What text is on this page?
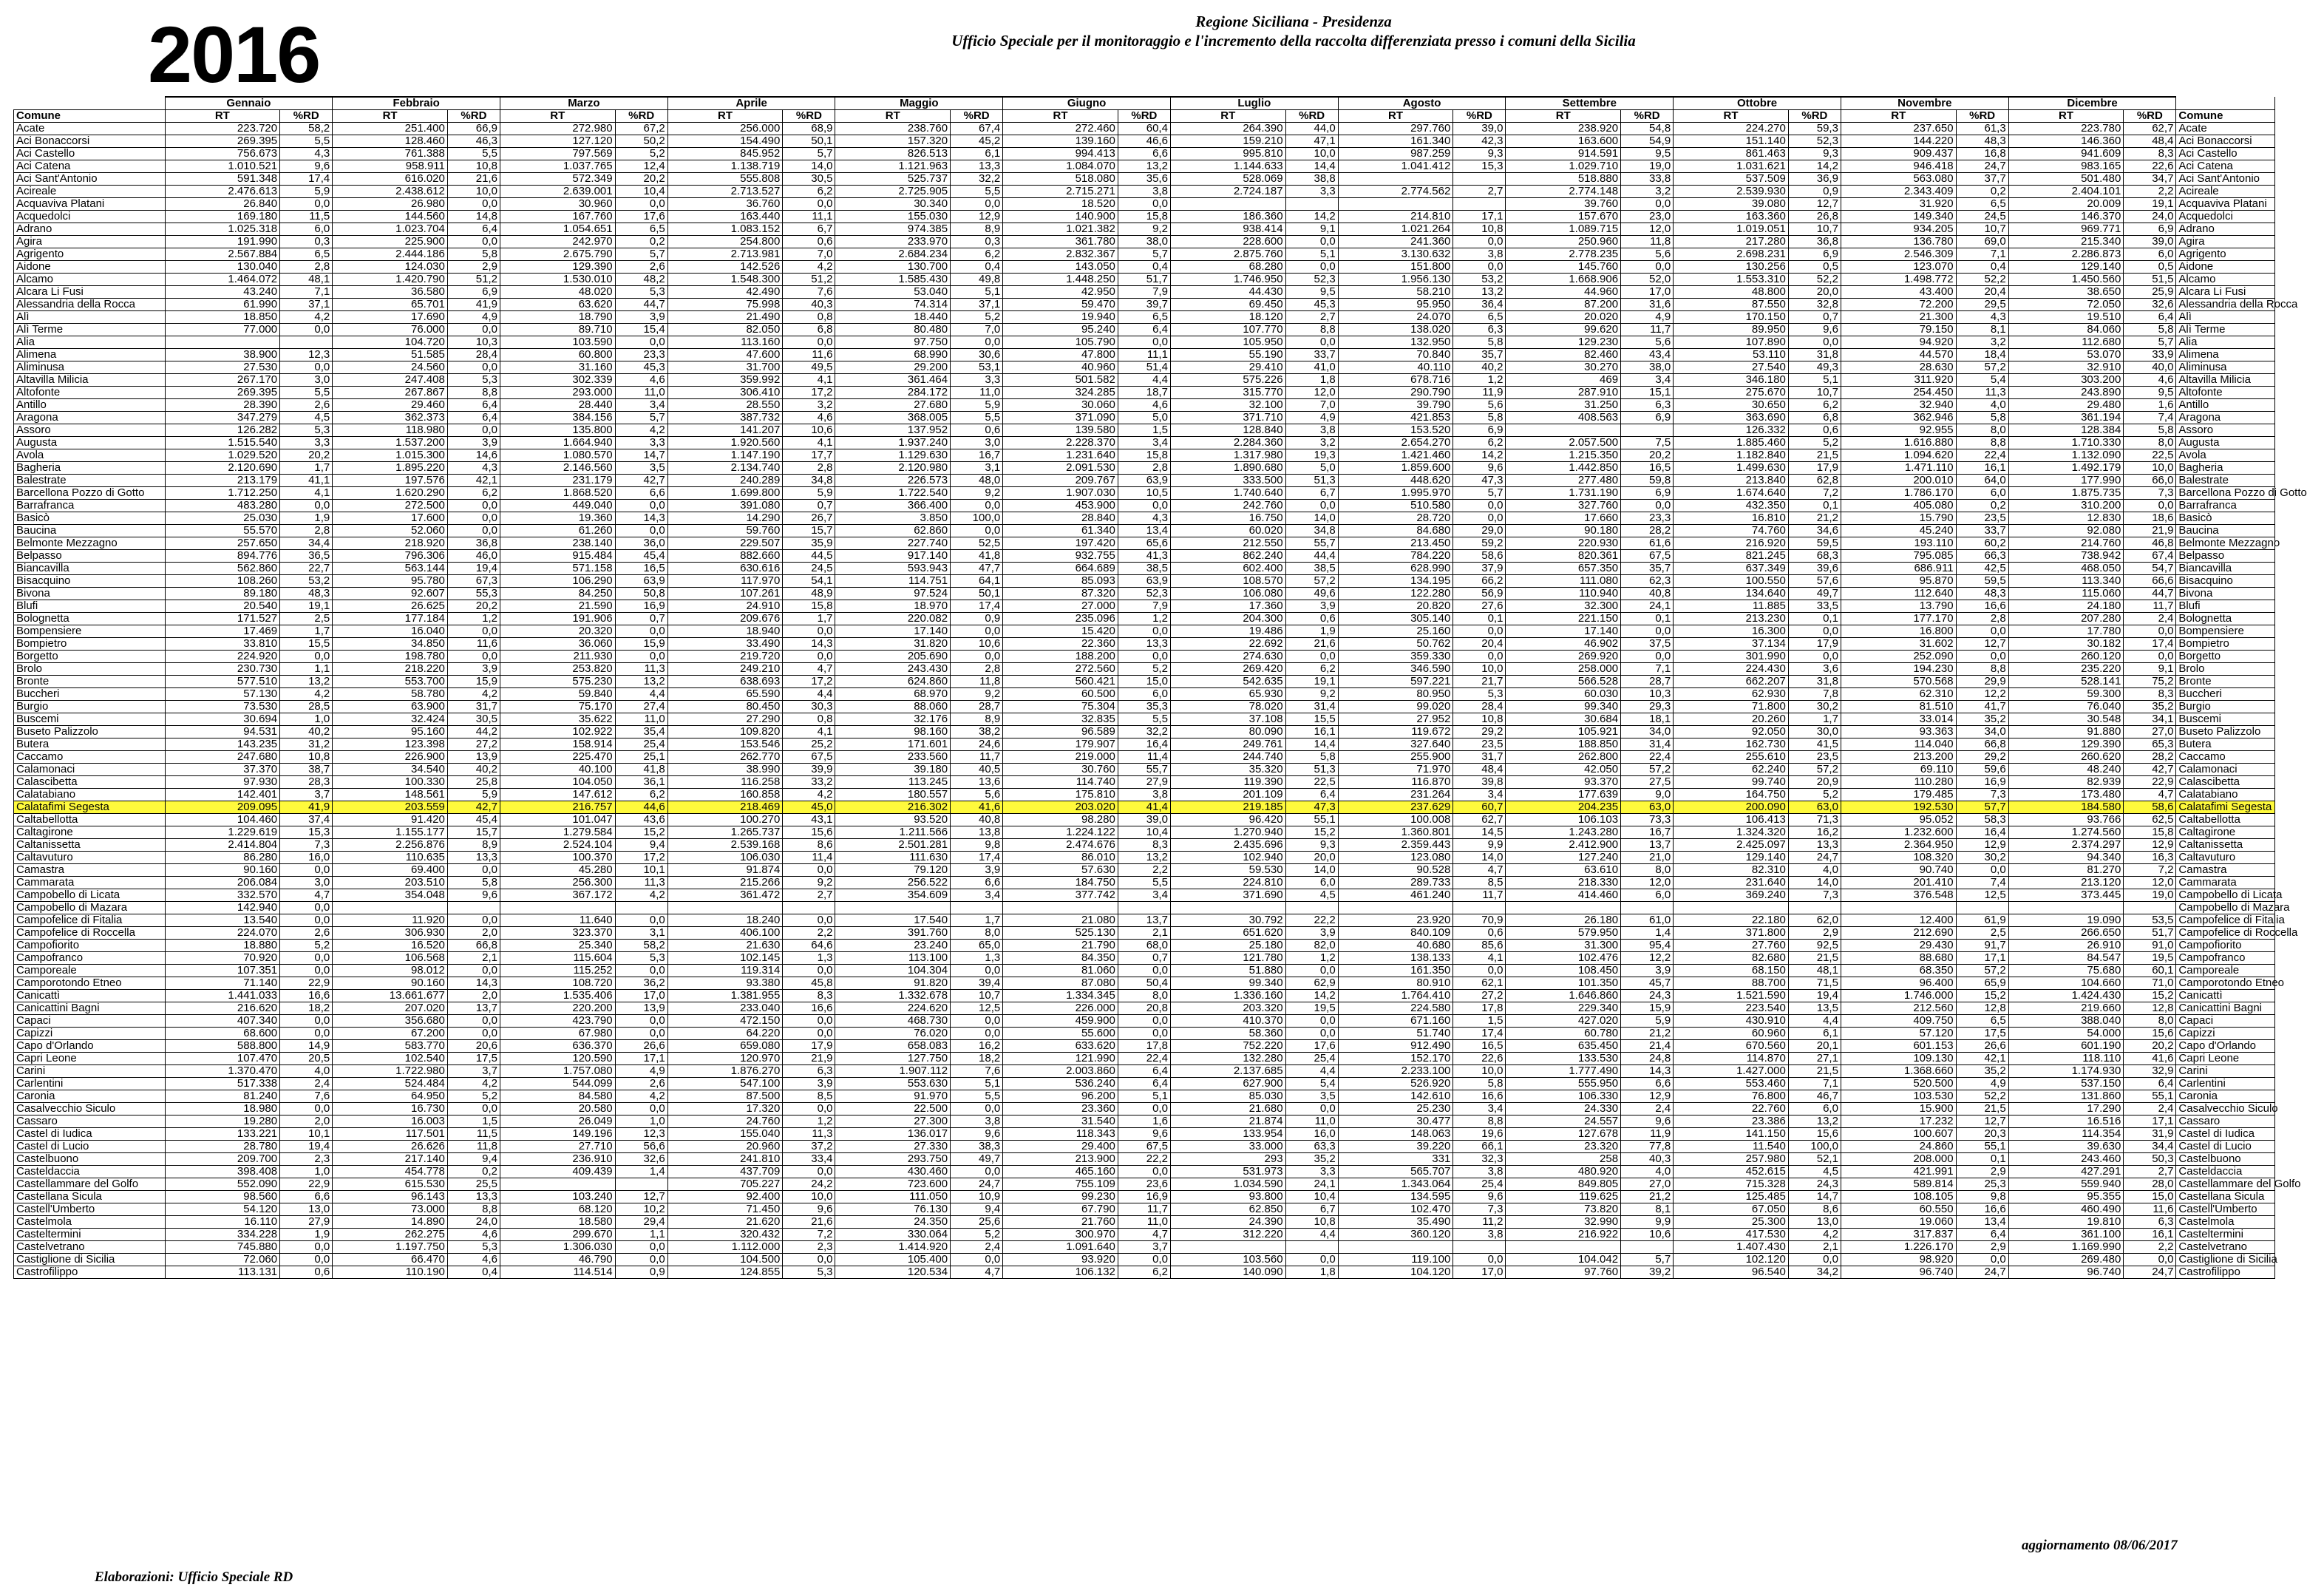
2016	Regione Siciliana - Presidenza
Ufficio Speciale per il monitoraggio e l'incremento della raccolta differenziata presso i comuni della Sicilia
	Gennaio		Febbraio		Marzo		Aprile		Maggio		Giugno		Luglio		Agosto		Settembre		Ottobre		Novembre		Dicembre		
Comune	RT	%RD	RT	%RD	RT	%RD	RT	%RD	RT	%RD	RT	%RD	RT	%RD	RT	%RD	RT	%RD	RT	%RD	RT	%RD	RT	%RD	Comune
Acate	223.720	58,2	251.400	66,9	272.980	67,2	256.000	68,9	238.760	67,4	272.460	60,4	264.390	44,0	297.760	39,0	238.920	54,8	224.270	59,3	237.650	61,3	223.780	62,7	Acate
Aci Bonaccorsi	269.395	5,5	128.460	46,3	127.120	50,2	154.490	50,1	157.320	45,2	139.160	46,6	159.210	47,1	161.340	42,3	163.600	54,9	151.140	52,3	144.220	48,3	146.360	48,4	Aci Bonaccorsi
Aci Castello	756.673	4,3	761.388	5,5	797.569	5,2	845.952	5,7	826.513	6,1	994.413	6,6	995.810	10,0	987.259	9,3	914.591	9,5	861.463	9,3	909.437	16,8	941.609	8,3	Aci Castello
Aci Catena	1.010.521	9,6	958.911	10,8	1.037.765	12,4	1.138.719	14,0	1.121.963	13,3	1.084.070	13,2	1.144.633	14,4	1.041.412	15,3	1.029.710	19,0	1.031.621	14,2	946.418	24,7	983.165	22,6	Aci Catena
Aci Sant'Antonio	591.348	17,4	616.020	21,6	572.349	20,2	555.808	30,5	525.737	32,2	518.080	35,6	528.069	38,8			518.880	33,8	537.509	36,9	563.080	37,7	501.480	34,7	Aci Sant'Antonio
Acireale	2.476.613	5,9	2.438.612	10,0	2.639.001	10,4	2.713.527	6,2	2.725.905	5,5	2.715.271	3,8	2.724.187	3,3	2.774.562	2,7	2.774.148	3,2	2.539.930	0,9	2.343.409	0,2	2.404.101	2,2	Acireale
Acquaviva Platani	26.840	0,0	26.980	0,0	30.960	0,0	36.760	0,0	30.340	0,0	18.520	0,0					39.760	0,0	39.080	12,7	31.920	6,5	20.009	19,1	Acquaviva Platani
Acquedolci	169.180	11,5	144.560	14,8	167.760	17,6	163.440	11,1	155.030	12,9	140.900	15,8	186.360	14,2	214.810	17,1	157.670	23,0	163.360	26,8	149.340	24,5	146.370	24,0	Acquedolci
Adrano	1.025.318	6,0	1.023.704	6,4	1.054.651	6,5	1.083.152	6,7	974.385	8,9	1.021.382	9,2	938.414	9,1	1.021.264	10,8	1.089.715	12,0	1.019.051	10,7	934.205	10,7	969.771	6,9	Adrano
Agira	191.990	0,3	225.900	0,0	242.970	0,2	254.800	0,6	233.970	0,3	361.780	38,0	228.600	0,0	241.360	0,0	250.960	11,8	217.280	36,8	136.780	69,0	215.340	39,0	Agira
Agrigento	2.567.884	6,5	2.444.186	5,8	2.675.790	5,7	2.713.981	7,0	2.684.234	6,2	2.832.367	5,7	2.875.760	5,1	3.130.632	3,8	2.778.235	5,6	2.698.231	6,9	2.546.309	7,1	2.286.873	6,0	Agrigento
Aidone	130.040	2,8	124.030	2,9	129.390	2,6	142.526	4,2	130.700	0,4	143.050	0,4	68.280	0,0	151.800	0,0	145.760	0,0	130.256	0,5	123.070	0,4	129.140	0,5	Aidone
Alcamo	1.464.072	48,1	1.420.790	51,2	1.530.010	48,2	1.548.300	51,2	1.585.430	49,8	1.448.250	51,7	1.746.950	52,3	1.956.130	53,2	1.668.906	52,0	1.553.310	52,2	1.498.772	52,2	1.450.560	51,5	Alcamo
Alcara Li Fusi	43.240	7,1	36.580	6,9	48.020	5,3	42.490	7,6	53.040	5,1	42.950	7,9	44.430	9,5	58.210	13,2	44.960	17,0	48.800	20,0	43.400	20,4	38.650	25,9	Alcara Li Fusi
Alessandria della Rocca	61.990	37,1	65.701	41,9	63.620	44,7	75.998	40,3	74.314	37,1	59.470	39,7	69.450	45,3	95.950	36,4	87.200	31,6	87.550	32,8	72.200	29,5	72.050	32,6	Alessandria della Rocca
Alì	18.850	4,2	17.690	4,9	18.790	3,9	21.490	0,8	18.440	5,2	19.940	6,5	18.120	2,7	24.070	6,5	20.020	4,9	170.150	0,7	21.300	4,3	19.510	6,4	Alì
Alì Terme	77.000	0,0	76.000	0,0	89.710	15,4	82.050	6,8	80.480	7,0	95.240	6,4	107.770	8,8	138.020	6,3	99.620	11,7	89.950	9,6	79.150	8,1	84.060	5,8	Alì Terme
Alia			104.720	10,3	103.590	0,0	113.160	0,0	97.750	0,0	105.790	0,0	105.950	0,0	132.950	5,8	129.230	5,6	107.890	0,0	94.920	3,2	112.680	5,7	Alia
Alimena	38.900	12,3	51.585	28,4	60.800	23,3	47.600	11,6	68.990	30,6	47.800	11,1	55.190	33,7	70.840	35,7	82.460	43,4	53.110	31,8	44.570	18,4	53.070	33,9	Alimena
Aliminusa	27.530	0,0	24.560	0,0	31.160	45,3	31.700	49,5	29.200	53,1	40.960	51,4	29.410	41,0	40.110	40,2	30.270	38,0	27.540	49,3	28.630	57,2	32.910	40,0	Aliminusa
Altavilla Milicia	267.170	3,0	247.408	5,3	302.339	4,6	359.992	4,1	361.464	3,3	501.582	4,4	575.226	1,8	678.716	1,2	469	3,4	346.180	5,1	311.920	5,4	303.200	4,6	Altavilla Milicia
Altofonte	269.395	5,5	267.867	8,8	293.000	11,0	306.410	17,2	284.172	11,0	324.285	18,7	315.770	12,0	290.790	11,9	287.910	15,1	275.670	10,7	254.450	11,3	243.890	9,5	Altofonte
Antillo	28.390	2,6	29.460	6,4	28.440	3,4	28.550	3,2	27.680	5,9	30.060	4,6	32.100	7,0	39.790	5,6	31.250	6,3	30.650	6,2	32.940	4,0	29.480	1,6	Antillo
Aragona	347.279	4,5	362.373	6,4	384.156	5,7	387.732	4,6	368.005	5,5	371.090	5,0	371.710	4,9	421.853	5,8	408.563	6,9	363.690	6,8	362.946	5,8	361.194	7,4	Aragona
Assoro	126.282	5,3	118.980	0,0	135.800	4,2	141.207	10,6	137.952	0,6	139.580	1,5	128.840	3,8	153.520	6,9			126.332	0,6	92.955	8,0	128.384	5,8	Assoro
Augusta	1.515.540	3,3	1.537.200	3,9	1.664.940	3,3	1.920.560	4,1	1.937.240	3,0	2.228.370	3,4	2.284.360	3,2	2.654.270	6,2	2.057.500	7,5	1.885.460	5,2	1.616.880	8,8	1.710.330	8,0	Augusta
Avola	1.029.520	20,2	1.015.300	14,6	1.080.570	14,7	1.147.190	17,7	1.129.630	16,7	1.231.640	15,8	1.317.980	19,3	1.421.460	14,2	1.215.350	20,2	1.182.840	21,5	1.094.620	22,4	1.132.090	22,5	Avola
Bagheria	2.120.690	1,7	1.895.220	4,3	2.146.560	3,5	2.134.740	2,8	2.120.980	3,1	2.091.530	2,8	1.890.680	5,0	1.859.600	9,6	1.442.850	16,5	1.499.630	17,9	1.471.110	16,1	1.492.179	10,0	Bagheria
Balestrate	213.179	41,1	197.576	42,1	231.179	42,7	240.289	34,8	226.573	48,0	209.767	63,9	333.500	51,3	448.620	47,3	277.480	59,8	213.840	62,8	200.010	64,0	177.990	66,0	Balestrate
Barcellona Pozzo di Gotto	1.712.250	4,1	1.620.290	6,2	1.868.520	6,6	1.699.800	5,9	1.722.540	9,2	1.907.030	10,5	1.740.640	6,7	1.995.970	5,7	1.731.190	6,9	1.674.640	7,2	1.786.170	6,0	1.875.735	7,3	Barcellona Pozzo di Gotto
Barrafranca	483.280	0,0	272.500	0,0	449.040	0,0	391.080	0,7	366.400	0,0	453.900	0,0	242.760	0,0	510.580	0,0	327.760	0,0	432.350	0,1	405.080	0,2	310.200	0,0	Barrafranca
Basicò	25.030	1,9	17.600	0,0	19.360	14,3	14.290	26,7	3.850	100,0	28.840	4,3	16.750	14,0	28.720	0,0	17.660	23,3	16.810	21,2	15.790	23,5	12.830	18,6	Basicò
Baucina	55.570	2,8	52.060	0,0	61.260	0,0	59.760	15,7	62.860	0,0	61.340	13,4	60.020	34,8	84.680	29,0	90.180	28,2	74.760	34,6	45.240	33,7	92.080	21,9	Baucina
Belmonte Mezzagno	257.650	34,4	218.920	36,8	238.140	36,0	229.507	35,9	227.740	52,5	197.420	65,6	212.550	55,7	213.450	59,2	220.930	61,6	216.920	59,5	193.110	60,2	214.760	46,8	Belmonte Mezzagno
Belpasso	894.776	36,5	796.306	46,0	915.484	45,4	882.660	44,5	917.140	41,8	932.755	41,3	862.240	44,4	784.220	58,6	820.361	67,5	821.245	68,3	795.085	66,3	738.942	67,4	Belpasso
Biancavilla	562.860	22,7	563.144	19,4	571.158	16,5	630.616	24,5	593.943	47,7	664.689	38,5	602.400	38,5	628.990	37,9	657.350	35,7	637.349	39,6	686.911	42,5	468.050	54,7	Biancavilla
Bisacquino	108.260	53,2	95.780	67,3	106.290	63,9	117.970	54,1	114.751	64,1	85.093	63,9	108.570	57,2	134.195	66,2	111.080	62,3	100.550	57,6	95.870	59,5	113.340	66,6	Bisacquino
Bivona	89.180	48,3	92.607	55,3	84.250	50,8	107.261	48,9	97.524	50,1	87.320	52,3	106.080	49,6	122.280	56,9	110.940	40,8	134.640	49,7	112.640	48,3	115.060	44,7	Bivona
Blufi	20.540	19,1	26.625	20,2	21.590	16,9	24.910	15,8	18.970	17,4	27.000	7,9	17.360	3,9	20.820	27,6	32.300	24,1	11.885	33,5	13.790	16,6	24.180	11,7	Blufi
Bolognetta	171.527	2,5	177.184	1,2	191.906	0,7	209.676	1,7	220.082	0,9	235.096	1,2	204.300	0,6	305.140	0,1	221.150	0,1	213.230	0,1	177.170	2,8	207.280	2,4	Bolognetta
Bompensiere	17.469	1,7	16.040	0,0	20.320	0,0	18.940	0,0	17.140	0,0	15.420	0,0	19.486	1,9	25.160	0,0	17.140	0,0	16.300	0,0	16.800	0,0	17.780	0,0	Bompensiere
Bompietro	33.810	15,5	34.850	11,6	36.060	15,9	33.490	14,3	31.820	10,6	22.360	13,3	22.692	21,6	50.762	20,4	46.902	37,5	37.134	17,9	31.602	12,7	30.182	17,4	Bompietro
Borgetto	224.920	0,0	198.780	0,0	211.930	0,0	219.720	0,0	205.690	0,0	188.200	0,0	274.630	0,0	359.330	0,0	269.920	0,0	301.990	0,0	252.090	0,0	260.120	0,0	Borgetto
Brolo	230.730	1,1	218.220	3,9	253.820	11,3	249.210	4,7	243.430	2,8	272.560	5,2	269.420	6,2	346.590	10,0	258.000	7,1	224.430	3,6	194.230	8,8	235.220	9,1	Brolo
Bronte	577.510	13,2	553.700	15,9	575.230	13,2	638.693	17,2	624.860	11,8	560.421	15,0	542.635	19,1	597.221	21,7	566.528	28,7	662.207	31,8	570.568	29,9	528.141	75,2	Bronte
Buccheri	57.130	4,2	58.780	4,2	59.840	4,4	65.590	4,4	68.970	9,2	60.500	6,0	65.930	9,2	80.950	5,3	60.030	10,3	62.930	7,8	62.310	12,2	59.300	8,3	Buccheri
Burgio	73.530	28,5	63.900	31,7	75.170	27,4	80.450	30,3	88.060	28,7	75.304	35,3	78.020	31,4	99.020	28,4	99.340	29,3	71.800	30,2	81.510	41,7	76.040	35,2	Burgio
Buscemi	30.694	1,0	32.424	30,5	35.622	11,0	27.290	0,8	32.176	8,9	32.835	5,5	37.108	15,5	27.952	10,8	30.684	18,1	20.260	1,7	33.014	35,2	30.548	34,1	Buscemi
Buseto Palizzolo	94.531	40,2	95.160	44,2	102.922	35,4	109.820	4,1	98.160	38,2	96.589	32,2	80.090	16,1	119.672	29,2	105.921	34,0	92.050	30,0	93.363	34,0	91.880	27,0	Buseto Palizzolo
Butera	143.235	31,2	123.398	27,2	158.914	25,4	153.546	25,2	171.601	24,6	179.907	16,4	249.761	14,4	327.640	23,5	188.850	31,4	162.730	41,5	114.040	66,8	129.390	65,3	Butera
Caccamo	247.680	10,8	226.900	13,9	225.470	25,1	262.770	67,5	233.560	11,7	219.000	11,4	244.740	5,8	255.900	31,7	262.800	22,4	255.610	23,5	213.200	29,2	260.620	28,2	Caccamo
Calamonaci	37.370	38,7	34.540	40,2	40.100	41,8	38.990	39,9	39.180	40,5	30.760	55,7	35.320	51,3	71.970	48,4	42.050	57,2	62.240	57,2	69.110	59,6	48.240	42,7	Calamonaci
Calascibetta	97.930	28,3	100.330	25,8	104.050	36,1	116.258	33,2	113.245	13,6	114.740	27,9	119.390	22,5	116.870	39,8	93.370	27,5	99.740	20,9	110.280	16,9	82.939	22,9	Calascibetta
Calatabiano	142.401	3,7	148.561	5,9	147.612	6,2	160.858	4,2	180.557	5,6	175.810	3,8	201.109	6,4	231.264	3,4	177.639	9,0	164.750	5,2	179.485	7,3	173.480	4,7	Calatabiano
Calatafimi Segesta	209.095	41,9	203.559	42,7	216.757	44,6	218.469	45,0	216.302	41,6	203.020	41,4	219.185	47,3	237.629	60,7	204.235	63,0	200.090	63,0	192.530	57,7	184.580	58,6	Calatafimi Segesta
Caltabellotta	104.460	37,4	91.420	45,4	101.047	43,6	100.270	43,1	93.520	40,8	98.280	39,0	96.420	55,1	100.008	62,7	106.103	73,3	106.413	71,3	95.052	58,3	93.766	62,5	Caltabellotta
Caltagirone	1.229.619	15,3	1.155.177	15,7	1.279.584	15,2	1.265.737	15,6	1.211.566	13,8	1.224.122	10,4	1.270.940	15,2	1.360.801	14,5	1.243.280	16,7	1.324.320	16,2	1.232.600	16,4	1.274.560	15,8	Caltagirone
Caltanissetta	2.414.804	7,3	2.256.876	8,9	2.524.104	9,4	2.539.168	8,6	2.501.281	9,8	2.474.676	8,3	2.435.696	9,3	2.359.443	9,9	2.412.900	13,7	2.425.097	13,3	2.364.950	12,9	2.374.297	12,9	Caltanissetta
Caltavuturo	86.280	16,0	110.635	13,3	100.370	17,2	106.030	11,4	111.630	17,4	86.010	13,2	102.940	20,0	123.080	14,0	127.240	21,0	129.140	24,7	108.320	30,2	94.340	16,3	Caltavuturo
Camastra	90.160	0,0	69.400	0,0	45.280	10,1	91.874	0,0	79.120	3,9	57.630	2,2	59.530	14,0	90.528	4,7	63.610	8,0	82.310	4,0	90.740	0,0	81.270	7,2	Camastra
Cammarata	206.084	3,0	203.510	5,8	256.300	11,3	215.266	9,2	256.522	6,6	184.750	5,5	224.810	6,0	289.733	8,5	218.330	12,0	231.640	14,0	201.410	7,4	213.120	12,0	Cammarata
Campobello di Licata	332.570	4,7	354.048	9,6	367.172	4,2	361.472	2,7	354.609	3,4	377.742	3,4	371.690	4,5	461.240	11,7	414.460	6,0	369.240	7,3	376.548	12,5	373.445	19,0	Campobello di Licata
Campobello di Mazara	142.940	0,0																							Campobello di Mazara
Campofelice di Fitalia	13.540	0,0	11.920	0,0	11.640	0,0	18.240	0,0	17.540	1,7	21.080	13,7	30.792	22,2	23.920	70,9	26.180	61,0	22.180	62,0	12.400	61,9	19.090	53,5	Campofelice di Fitalia
Campofelice di Roccella	224.070	2,6	306.930	2,0	323.370	3,1	406.100	2,2	391.760	8,0	525.130	2,1	651.620	3,9	840.109	0,6	579.950	1,4	371.800	2,9	212.690	2,5	266.650	51,7	Campofelice di Roccella
Campofiorito	18.880	5,2	16.520	66,8	25.340	58,2	21.630	64,6	23.240	65,0	21.790	68,0	25.180	82,0	40.680	85,6	31.300	95,4	27.760	92,5	29.430	91,7	26.910	91,0	Campofiorito
Campofranco	70.920	0,0	106.568	2,1	115.604	5,3	102.145	1,3	113.100	1,3	84.350	0,7	121.780	1,2	138.133	4,1	102.476	12,2	82.680	21,5	88.680	17,1	84.547	19,5	Campofranco
Camporeale	107.351	0,0	98.012	0,0	115.252	0,0	119.314	0,0	104.304	0,0	81.060	0,0	51.880	0,0	161.350	0,0	108.450	3,9	68.150	48,1	68.350	57,2	75.680	60,1	Camporeale
Camporotondo Etneo	71.140	22,9	90.160	14,3	108.720	36,2	93.380	45,8	91.820	39,4	87.080	50,4	99.340	62,9	80.910	62,1	101.350	45,7	88.700	71,5	96.400	65,9	104.660	71,0	Camporotondo Etneo
Canicattì	1.441.033	16,6	13.661.677	2,0	1.535.406	17,0	1.381.955	8,3	1.332.678	10,7	1.334.345	8,0	1.336.160	14,2	1.764.410	27,2	1.646.860	24,3	1.521.590	19,4	1.746.000	15,2	1.424.430	15,2	Canicattì
Canicattini Bagni	216.620	18,2	207.020	13,7	220.200	13,9	233.040	16,6	224.620	12,5	226.000	20,8	203.320	19,5	224.580	17,8	229.340	15,9	223.540	13,5	212.560	12,8	219.660	12,8	Canicattini Bagni
Capaci	407.340	0,0	356.680	0,0	423.790	0,0	472.150	0,0	468.730	0,0	459.900	0,0	410.370	0,0	671.160	1,5	427.020	5,9	430.910	4,4	409.750	6,5	388.040	8,0	Capaci
Capizzi	68.600	0,0	67.200	0,0	67.980	0,0	64.220	0,0	76.020	0,0	55.600	0,0	58.360	0,0	51.740	17,4	60.780	21,2	60.960	6,1	57.120	17,5	54.000	15,6	Capizzi
Capo d'Orlando	588.800	14,9	583.770	20,6	636.370	26,6	659.080	17,9	658.083	16,2	633.620	17,8	752.220	17,6	912.490	16,5	635.450	21,4	670.560	20,1	601.153	26,6	601.190	20,2	Capo d'Orlando
Capri Leone	107.470	20,5	102.540	17,5	120.590	17,1	120.970	21,9	127.750	18,2	121.990	22,4	132.280	25,4	152.170	22,6	133.530	24,8	114.870	27,1	109.130	42,1	118.110	41,6	Capri Leone
Carini	1.370.470	4,0	1.722.980	3,7	1.757.080	4,9	1.876.270	6,3	1.907.112	7,6	2.003.860	6,4	2.137.685	4,4	2.233.100	10,0	1.777.490	14,3	1.427.000	21,5	1.368.660	35,2	1.174.930	32,9	Carini
Carlentini	517.338	2,4	524.484	4,2	544.099	2,6	547.100	3,9	553.630	5,1	536.240	6,4	627.900	5,4	526.920	5,8	555.950	6,6	553.460	7,1	520.500	4,9	537.150	6,4	Carlentini
Caronia	81.240	7,6	64.950	5,2	84.580	4,2	87.500	8,5	91.970	5,5	96.200	5,1	85.030	3,5	142.610	16,6	106.330	12,9	76.800	46,7	103.530	52,2	131.860	55,1	Caronia
Casalvecchio Siculo	18.980	0,0	16.730	0,0	20.580	0,0	17.320	0,0	22.500	0,0	23.360	0,0	21.680	0,0	25.230	3,4	24.330	2,4	22.760	6,0	15.900	21,5	17.290	2,4	Casalvecchio Siculo
Cassaro	19.280	2,0	16.003	1,5	26.049	1,0	24.760	1,2	27.300	3,8	31.540	1,6	21.874	11,0	30.477	8,8	24.557	9,6	23.386	13,2	17.232	12,7	16.516	17,1	Cassaro
Castel di Iudica	133.221	10,1	117.501	11,5	149.196	12,3	155.040	11,3	136.017	9,6	118.343	9,6	133.954	16,0	148.063	19,6	127.678	11,9	141.150	15,6	100.607	20,3	114.354	31,9	Castel di Iudica
Castel di Lucio	28.780	19,4	26.626	11,8	27.710	56,6	20.960	37,2	27.330	38,3	29.400	67,5	33.000	63,3	39.220	66,1	23.320	77,8	11.540	100,0	24.860	55,1	39.630	34,4	Castel di Lucio
Castelbuono	209.700	2,3	217.140	9,4	236.910	32,6	241.810	33,4	293.750	49,7	213.900	22,2	293	35,2	331	32,3	258	40,3	257.980	52,1	208.000	0,1	243.460	50,3	Castelbuono
Casteldaccia	398.408	1,0	454.778	0,2	409.439	1,4	437.709	0,0	430.460	0,0	465.160	0,0	531.973	3,3	565.707	3,8	480.920	4,0	452.615	4,5	421.991	2,9	427.291	2,7	Casteldaccia
Castellammare del Golfo	552.090	22,9	615.530	25,5			705.227	24,2	723.600	24,7	755.109	23,6	1.034.590	24,1	1.343.064	25,4	849.805	27,0	715.328	24,3	589.814	25,3	559.940	28,0	Castellammare del Golfo
Castellana Sicula	98.560	6,6	96.143	13,3	103.240	12,7	92.400	10,0	111.050	10,9	99.230	16,9	93.800	10,4	134.595	9,6	119.625	21,2	125.485	14,7	108.105	9,8	95.355	15,0	Castellana Sicula
Castell'Umberto	54.120	13,0	73.000	8,8	68.120	10,2	71.450	9,6	76.130	9,4	67.790	11,7	62.850	6,7	102.470	7,3	73.820	8,1	67.050	8,6	60.550	16,6	460.490	11,6	Castell'Umberto
Castelmola	16.110	27,9	14.890	24,0	18.580	29,4	21.620	21,6	24.350	25,6	21.760	11,0	24.390	10,8	35.490	11,2	32.990	9,9	25.300	13,0	19.060	13,4	19.810	6,3	Castelmola
Casteltermini	334.228	1,9	262.275	4,6	299.670	1,1	320.432	7,2	330.064	5,2	300.970	4,7	312.220	4,4	360.120	3,8	216.922	10,6	417.530	4,2	317.837	6,4	361.100	16,1	Casteltermini
Castelvetrano	745.880	0,0	1.197.750	5,3	1.306.030	0,0	1.112.000	2,3	1.414.920	2,4	1.091.640	3,7							1.407.430	2,1	1.226.170	2,9	1.169.990	2,2	Castelvetrano
Castiglione di Sicilia	72.060	0,0	66.470	4,6	46.790	0,0	104.500	0,0	105.400	0,0	93.920	0,0	103.560	0,0	119.100	0,0	104.042	5,7	102.120	0,0	98.920	0,0	269.480	0,0	Castiglione di Sicilia
Castrofilippo	113.131	0,6	110.190	0,4	114.514	0,9	124.855	5,3	120.534	4,7	106.132	6,2	140.090	1,8	104.120	17,0	97.760	39,2	96.540	34,2	96.740	24,7	96.740	24,7	Castrofilippo
Elaborazioni: Ufficio Speciale RD
aggiornamento 08/06/2017
